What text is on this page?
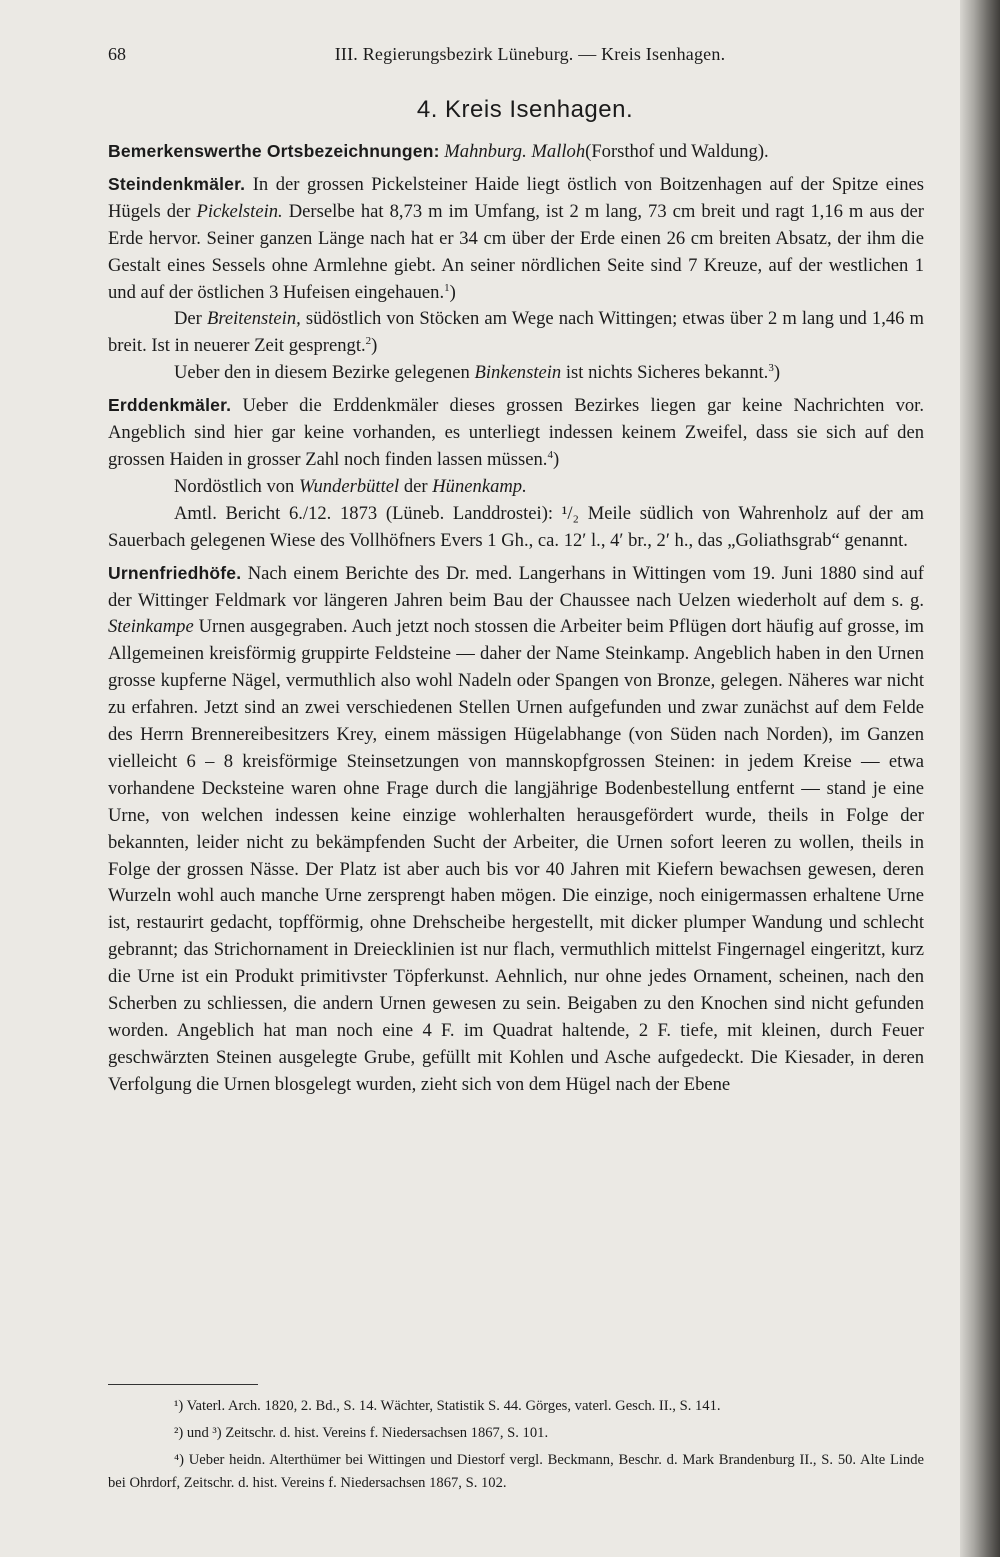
68	III. Regierungsbezirk Lüneburg. — Kreis Isenhagen.
4. Kreis Isenhagen.

Bemerkenswerthe Ortsbezeichnungen: Mahnburg. Malloh(Forsthof und Waldung).

Steindenkmäler. In der grossen Pickelsteiner Haide liegt östlich von Boitzenhagen auf der Spitze eines Hügels der Pickelstein. Derselbe hat 8,73 m im Umfang, ist 2 m lang, 73 cm breit und ragt 1,16 m aus der Erde hervor. Seiner ganzen Länge nach hat er 34 cm über der Erde einen 26 cm breiten Absatz, der ihm die Gestalt eines Sessels ohne Armlehne giebt. An seiner nördlichen Seite sind 7 Kreuze, auf der westlichen 1 und auf der östlichen 3 Hufeisen eingehauen.$^1$)

Der Breitenstein, südöstlich von Stöcken am Wege nach Wittingen; etwas über 2 m lang und 1,46 m breit. Ist in neuerer Zeit gesprengt.$^2$)

Ueber den in diesem Bezirke gelegenen Binkenstein ist nichts Sicheres bekannt.$^3$)

Erddenkmäler. Ueber die Erddenkmäler dieses grossen Bezirkes liegen gar keine Nachrichten vor. Angeblich sind hier gar keine vorhanden, es unterliegt indessen keinem Zweifel, dass sie sich auf den grossen Haiden in grosser Zahl noch finden lassen müssen.$^4$)

Nordöstlich von Wunderbüttel der Hünenkamp.

Amtl. Bericht 6./12. 1873 (Lüneb. Landdrostei): ¹/₂ Meile südlich von Wahrenholz auf der am Sauerbach gelegenen Wiese des Vollhöfners Evers 1 Gh., ca. 12′ l., 4′ br., 2′ h., das „Goliathsgrab“ genannt.

Urnenfriedhöfe. Nach einem Berichte des Dr. med. Langerhans in Wittingen vom 19. Juni 1880 sind auf der Wittinger Feldmark vor längeren Jahren beim Bau der Chaussee nach Uelzen wiederholt auf dem s. g. Steinkampe Urnen ausgegraben. Auch jetzt noch stossen die Arbeiter beim Pflügen dort häufig auf grosse, im Allgemeinen kreisförmig gruppirte Feldsteine — daher der Name Steinkamp. Angeblich haben in den Urnen grosse kupferne Nägel, vermuthlich also wohl Nadeln oder Spangen von Bronze, gelegen. Näheres war nicht zu erfahren. Jetzt sind an zwei verschiedenen Stellen Urnen aufgefunden und zwar zunächst auf dem Felde des Herrn Brennereibesitzers Krey, einem mässigen Hügelabhange (von Süden nach Norden), im Ganzen vielleicht 6 – 8 kreisförmige Steinsetzungen von mannskopfgrossen Steinen: in jedem Kreise — etwa vorhandene Decksteine waren ohne Frage durch die langjährige Bodenbestellung entfernt — stand je eine Urne, von welchen indessen keine einzige wohlerhalten herausgefördert wurde, theils in Folge der bekannten, leider nicht zu bekämpfenden Sucht der Arbeiter, die Urnen sofort leeren zu wollen, theils in Folge der grossen Nässe. Der Platz ist aber auch bis vor 40 Jahren mit Kiefern bewachsen gewesen, deren Wurzeln wohl auch manche Urne zersprengt haben mögen. Die einzige, noch einigermassen erhaltene Urne ist, restaurirt gedacht, topfförmig, ohne Drehscheibe hergestellt, mit dicker plumper Wandung und schlecht gebrannt; das Strichornament in Dreiecklinien ist nur flach, vermuthlich mittelst Fingernagel eingeritzt, kurz die Urne ist ein Produkt primitivster Töpferkunst. Aehnlich, nur ohne jedes Ornament, scheinen, nach den Scherben zu schliessen, die andern Urnen gewesen zu sein. Beigaben zu den Knochen sind nicht gefunden worden. Angeblich hat man noch eine 4 F. im Quadrat haltende, 2 F. tiefe, mit kleinen, durch Feuer geschwärzten Steinen ausgelegte Grube, gefüllt mit Kohlen und Asche aufgedeckt. Die Kiesader, in deren Verfolgung die Urnen blosgelegt wurden, zieht sich von dem Hügel nach der Ebene

¹) Vaterl. Arch. 1820, 2. Bd., S. 14. Wächter, Statistik S. 44. Görges, vaterl. Gesch. II., S. 141.

²) und ³) Zeitschr. d. hist. Vereins f. Niedersachsen 1867, S. 101.

⁴) Ueber heidn. Alterthümer bei Wittingen und Diestorf vergl. Beckmann, Beschr. d. Mark Brandenburg II., S. 50. Alte Linde bei Ohrdorf, Zeitschr. d. hist. Vereins f. Niedersachsen 1867, S. 102.
